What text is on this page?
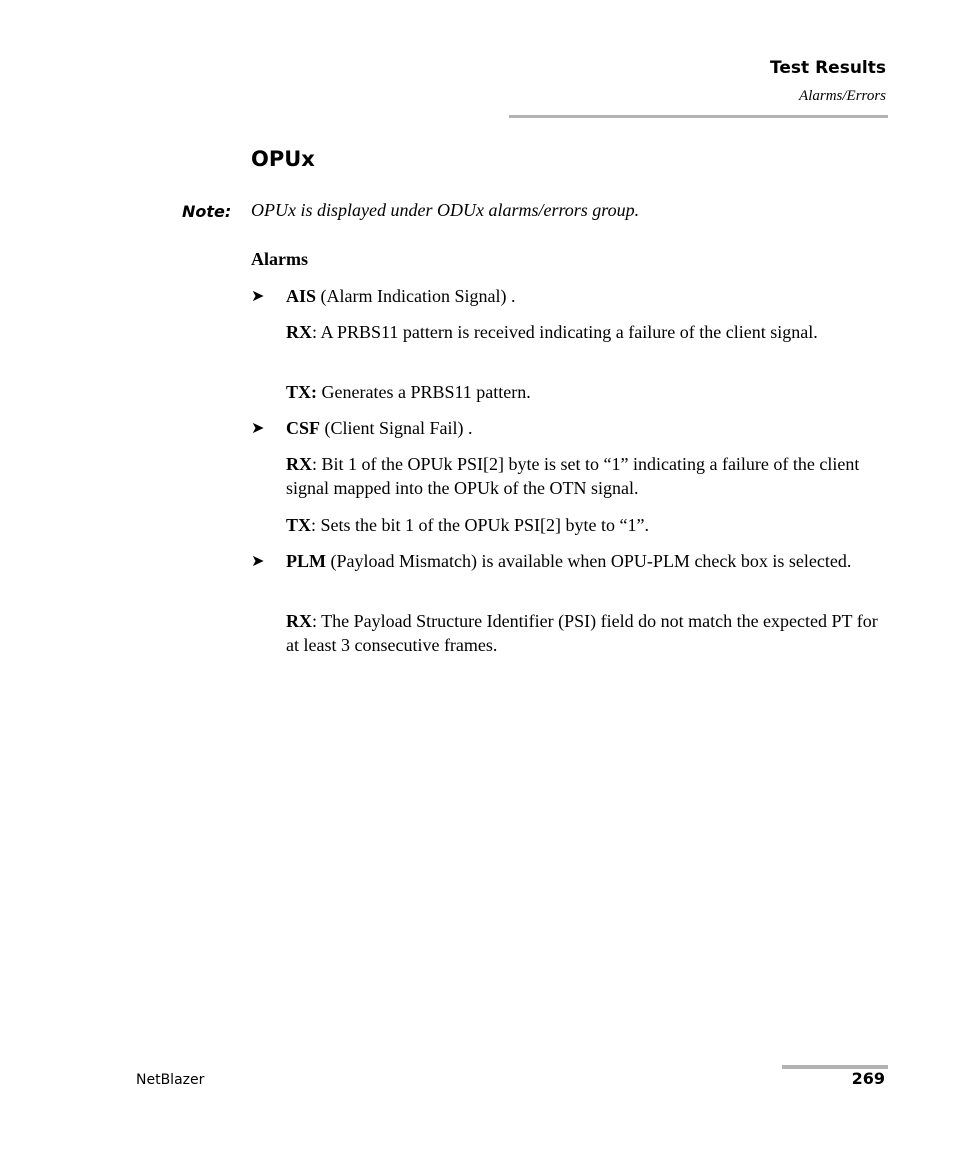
Test Results
Alarms/Errors
OPUx
Note: OPUx is displayed under ODUx alarms/errors group.
Alarms
➤ AIS (Alarm Indication Signal) .
RX: A PRBS11 pattern is received indicating a failure of the client signal.
TX: Generates a PRBS11 pattern.
➤ CSF (Client Signal Fail) .
RX: Bit 1 of the OPUk PSI[2] byte is set to “1” indicating a failure of the client signal mapped into the OPUk of the OTN signal.
TX: Sets the bit 1 of the OPUk PSI[2] byte to “1”.
➤ PLM (Payload Mismatch) is available when OPU-PLM check box is selected.
RX: The Payload Structure Identifier (PSI) field do not match the expected PT for at least 3 consecutive frames.
NetBlazer	269
